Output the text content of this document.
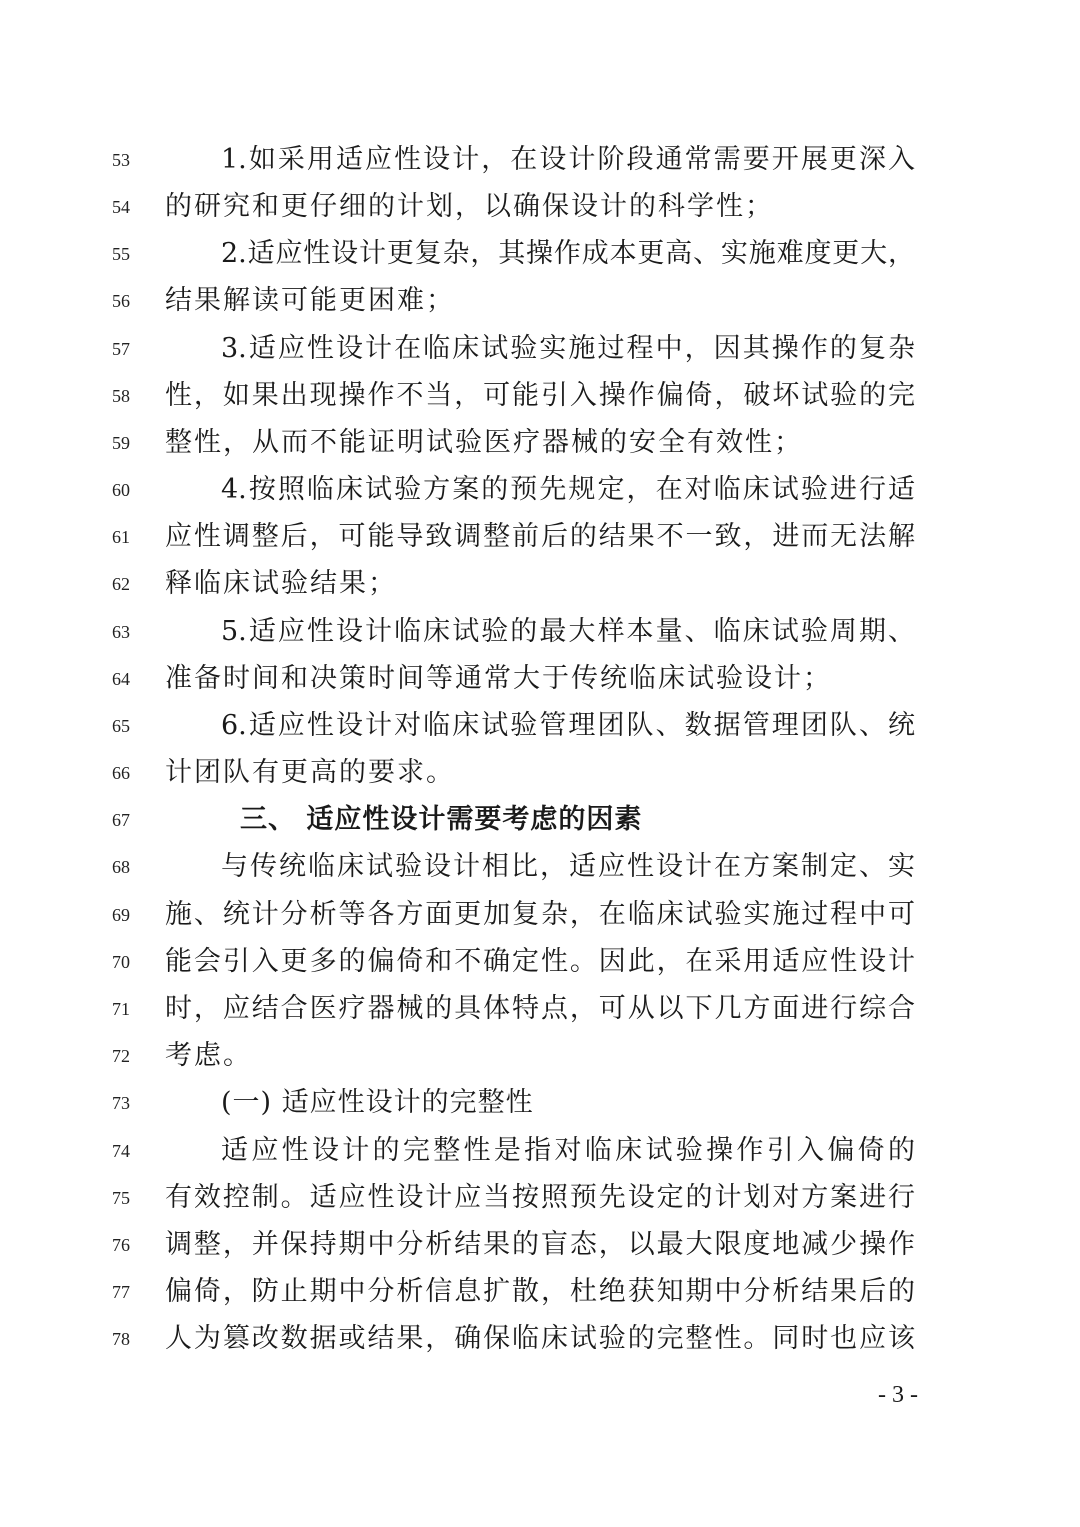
53	1.如采用适应性设计，在设计阶段通常需要开展更深入
54	的研究和更仔细的计划，以确保设计的科学性；
55	2.适应性设计更复杂，其操作成本更高、实施难度更大，
56	结果解读可能更困难；
57	3.适应性设计在临床试验实施过程中，因其操作的复杂
58	性，如果出现操作不当，可能引入操作偏倚，破坏试验的完
59	整性，从而不能证明试验医疗器械的安全有效性；
60	4.按照临床试验方案的预先规定，在对临床试验进行适
61	应性调整后，可能导致调整前后的结果不一致，进而无法解
62	释临床试验结果；
63	5.适应性设计临床试验的最大样本量、临床试验周期、
64	准备时间和决策时间等通常大于传统临床试验设计；
65	6.适应性设计对临床试验管理团队、数据管理团队、统
66	计团队有更高的要求。
67	三、 适应性设计需要考虑的因素
68	与传统临床试验设计相比，适应性设计在方案制定、实
69	施、统计分析等各方面更加复杂，在临床试验实施过程中可
70	能会引入更多的偏倚和不确定性。因此，在采用适应性设计
71	时，应结合医疗器械的具体特点，可从以下几方面进行综合
72	考虑。
73	(一) 适应性设计的完整性
74	适应性设计的完整性是指对临床试验操作引入偏倚的
75	有效控制。适应性设计应当按照预先设定的计划对方案进行
76	调整，并保持期中分析结果的盲态，以最大限度地减少操作
77	偏倚，防止期中分析信息扩散，杜绝获知期中分析结果后的
78	人为篡改数据或结果，确保临床试验的完整性。同时也应该
- 3 -
